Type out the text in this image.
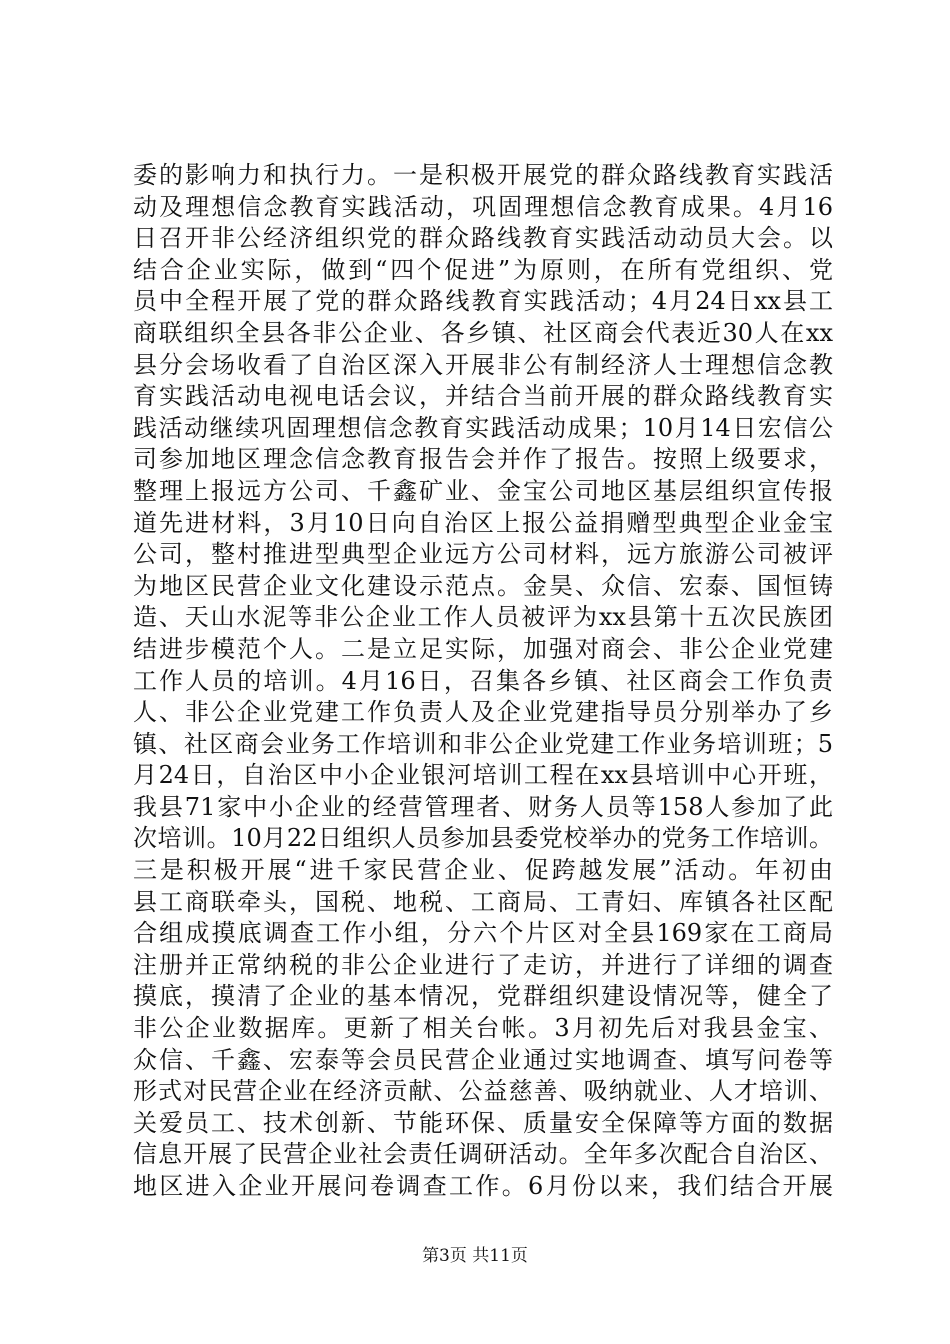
委的影响力和执行力。一是积极开展党的群众路线教育实践活
动及理想信念教育实践活动，巩固理想信念教育成果。4月16
日召开非公经济组织党的群众路线教育实践活动动员大会。以
结合企业实际，做到“四个促进”为原则，在所有党组织、党
员中全程开展了党的群众路线教育实践活动；4月24日xx县工
商联组织全县各非公企业、各乡镇、社区商会代表近30人在xx
县分会场收看了自治区深入开展非公有制经济人士理想信念教
育实践活动电视电话会议，并结合当前开展的群众路线教育实
践活动继续巩固理想信念教育实践活动成果；10月14日宏信公
司参加地区理念信念教育报告会并作了报告。按照上级要求，
整理上报远方公司、千鑫矿业、金宝公司地区基层组织宣传报
道先进材料，3月10日向自治区上报公益捐赠型典型企业金宝
公司，整村推进型典型企业远方公司材料，远方旅游公司被评
为地区民营企业文化建设示范点。金昊、众信、宏泰、国恒铸
造、天山水泥等非公企业工作人员被评为xx县第十五次民族团
结进步模范个人。二是立足实际，加强对商会、非公企业党建
工作人员的培训。4月16日，召集各乡镇、社区商会工作负责
人、非公企业党建工作负责人及企业党建指导员分别举办了乡
镇、社区商会业务工作培训和非公企业党建工作业务培训班；5
月24日，自治区中小企业银河培训工程在xx县培训中心开班，
我县71家中小企业的经营管理者、财务人员等158人参加了此
次培训。10月22日组织人员参加县委党校举办的党务工作培训。
三是积极开展“进千家民营企业、促跨越发展”活动。年初由
县工商联牵头，国税、地税、工商局、工青妇、库镇各社区配
合组成摸底调查工作小组，分六个片区对全县169家在工商局
注册并正常纳税的非公企业进行了走访，并进行了详细的调查
摸底，摸清了企业的基本情况，党群组织建设情况等，健全了
非公企业数据库。更新了相关台帐。3月初先后对我县金宝、
众信、千鑫、宏泰等会员民营企业通过实地调查、填写问卷等
形式对民营企业在经济贡献、公益慈善、吸纳就业、人才培训、
关爱员工、技术创新、节能环保、质量安全保障等方面的数据
信息开展了民营企业社会责任调研活动。全年多次配合自治区、
地区进入企业开展问卷调查工作。6月份以来，我们结合开展
第3页 共11页
